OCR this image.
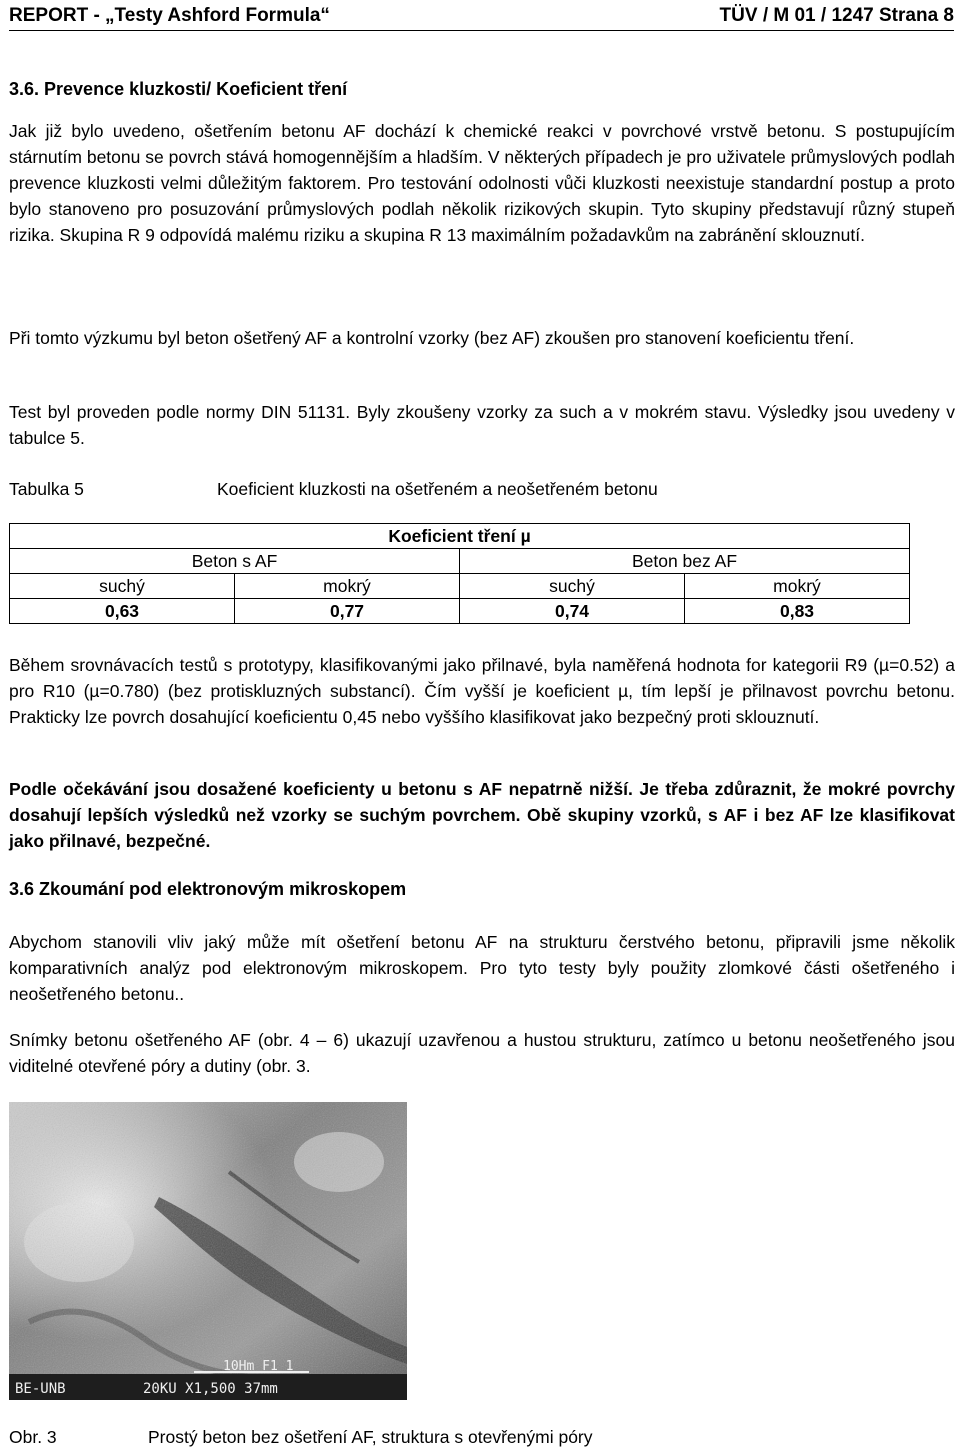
REPORT - „Testy Ashford Formula“	TÜV / M 01 / 1247 Strana 8
3.6. Prevence kluzkosti/ Koeficient tření
Jak již bylo uvedeno, ošetřením betonu AF dochází k chemické reakci v povrchové vrstvě betonu. S postupujícím stárnutím betonu se povrch stává homogennějším a hladším. V některých případech je pro uživatele průmyslových podlah prevence kluzkosti velmi důležitým faktorem. Pro testování odolnosti vůči kluzkosti neexistuje standardní postup a proto bylo stanoveno pro posuzování průmyslových podlah několik rizikových skupin. Tyto skupiny představují různý stupeň rizika. Skupina R 9 odpovídá malému riziku a skupina R 13 maximálním požadavkům na zabránění sklouznutí.
Při tomto výzkumu byl beton ošetřený AF a kontrolní vzorky (bez AF) zkoušen pro stanovení koeficientu tření.
Test byl proveden podle normy DIN 51131. Byly zkoušeny vzorky za such a v mokrém stavu. Výsledky jsou uvedeny v tabulce 5.
Tabulka 5	Koeficient kluzkosti na ošetřeném a neošetřeném betonu
Koeficient tření µ			
Beton s AF		Beton bez AF	
suchý	mokrý	suchý	mokrý
0,63	0,77	0,74	0,83
Během srovnávacích testů s prototypy, klasifikovanými jako přilnavé, byla naměřená hodnota for kategorii R9 (µ=0.52) a pro R10 (µ=0.780) (bez protiskluzných substancí). Čím vyšší je koeficient µ, tím lepší je přilnavost povrchu betonu. Prakticky lze povrch dosahující koeficientu 0,45 nebo vyššího klasifikovat jako bezpečný proti sklouznutí.
Podle očekávání jsou dosažené koeficienty u betonu s AF nepatrně nižší. Je třeba zdůraznit, že mokré povrchy dosahují lepších výsledků než vzorky se suchým povrchem. Obě skupiny vzorků, s AF i bez AF lze klasifikovat jako přilnavé, bezpečné.
3.6 Zkoumání pod elektronovým mikroskopem
Abychom stanovili vliv jaký může mít ošetření betonu AF na strukturu čerstvého betonu, připravili jsme několik komparativních analýz pod elektronovým mikroskopem. Pro tyto testy byly použity zlomkové části ošetřeného i neošetřeného betonu..
Snímky betonu ošetřeného AF (obr. 4 – 6) ukazují uzavřenou a hustou strukturu, zatímco u betonu neošetřeného jsou viditelné otevřené póry a dutiny (obr. 3.
10Hm F1 1
BE-UNB	20KU X1,500 37mm
Obr. 3	Prostý beton bez ošetření AF, struktura s otevřenými póry
